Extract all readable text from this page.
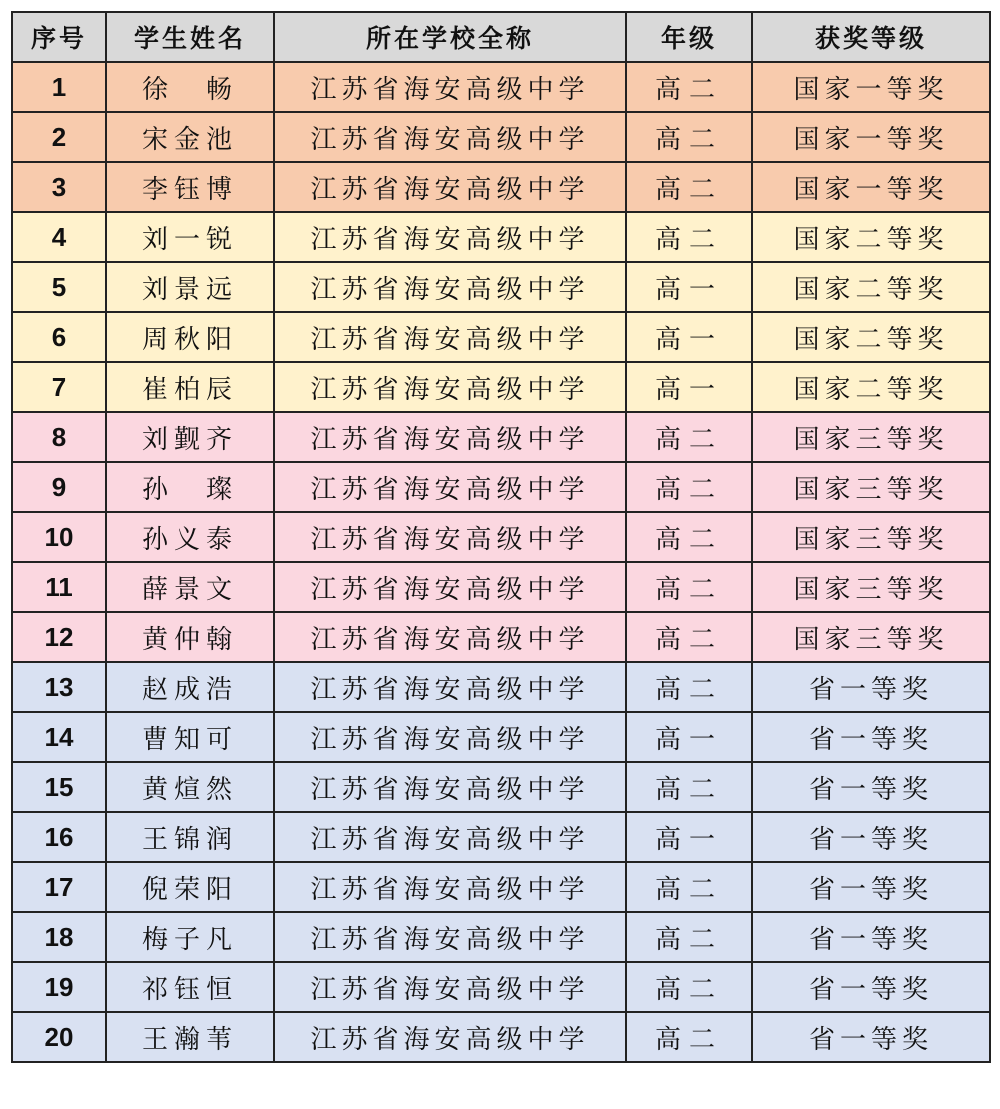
序号	学生姓名	所在学校全称	年级	获奖等级
1	徐　畅	江苏省海安高级中学	高二	国家一等奖
2	宋金池	江苏省海安高级中学	高二	国家一等奖
3	李钰博	江苏省海安高级中学	高二	国家一等奖
4	刘一锐	江苏省海安高级中学	高二	国家二等奖
5	刘景远	江苏省海安高级中学	高一	国家二等奖
6	周秋阳	江苏省海安高级中学	高一	国家二等奖
7	崔柏辰	江苏省海安高级中学	高一	国家二等奖
8	刘觐齐	江苏省海安高级中学	高二	国家三等奖
9	孙　璨	江苏省海安高级中学	高二	国家三等奖
10	孙义泰	江苏省海安高级中学	高二	国家三等奖
11	薛景文	江苏省海安高级中学	高二	国家三等奖
12	黄仲翰	江苏省海安高级中学	高二	国家三等奖
13	赵成浩	江苏省海安高级中学	高二	省一等奖
14	曹知可	江苏省海安高级中学	高一	省一等奖
15	黄煊然	江苏省海安高级中学	高二	省一等奖
16	王锦润	江苏省海安高级中学	高一	省一等奖
17	倪荣阳	江苏省海安高级中学	高二	省一等奖
18	梅子凡	江苏省海安高级中学	高二	省一等奖
19	祁钰恒	江苏省海安高级中学	高二	省一等奖
20	王瀚苇	江苏省海安高级中学	高二	省一等奖
